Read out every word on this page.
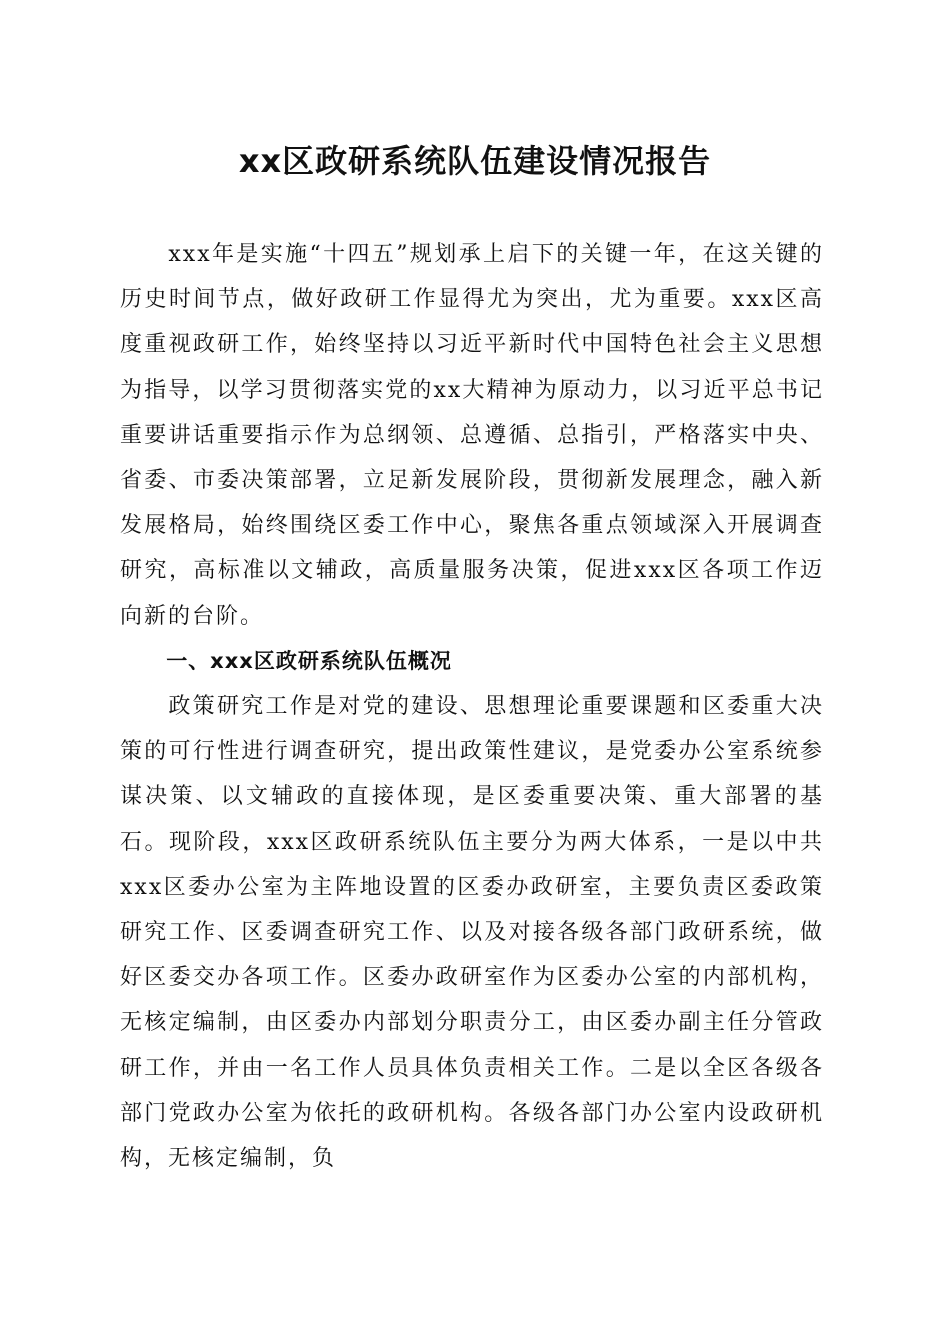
xx区政研系统队伍建设情况报告

xxx年是实施“十四五”规划承上启下的关键一年，在这关键的历史时间节点，做好政研工作显得尤为突出，尤为重要。xxx区高度重视政研工作，始终坚持以习近平新时代中国特色社会主义思想为指导，以学习贯彻落实党的xx大精神为原动力，以习近平总书记重要讲话重要指示作为总纲领、总遵循、总指引，严格落实中央、省委、市委决策部署，立足新发展阶段，贯彻新发展理念，融入新发展格局，始终围绕区委工作中心，聚焦各重点领域深入开展调查研究，高标准以文辅政，高质量服务决策，促进xxx区各项工作迈向新的台阶。

一、xxx区政研系统队伍概况

政策研究工作是对党的建设、思想理论重要课题和区委重大决策的可行性进行调查研究，提出政策性建议，是党委办公室系统参谋决策、以文辅政的直接体现，是区委重要决策、重大部署的基石。现阶段，xxx区政研系统队伍主要分为两大体系，一是以中共xxx区委办公室为主阵地设置的区委办政研室，主要负责区委政策研究工作、区委调查研究工作、以及对接各级各部门政研系统，做好区委交办各项工作。区委办政研室作为区委办公室的内部机构，无核定编制，由区委办内部划分职责分工，由区委办副主任分管政研工作，并由一名工作人员具体负责相关工作。二是以全区各级各部门党政办公室为依托的政研机构。各级各部门办公室内设政研机构，无核定编制，负
